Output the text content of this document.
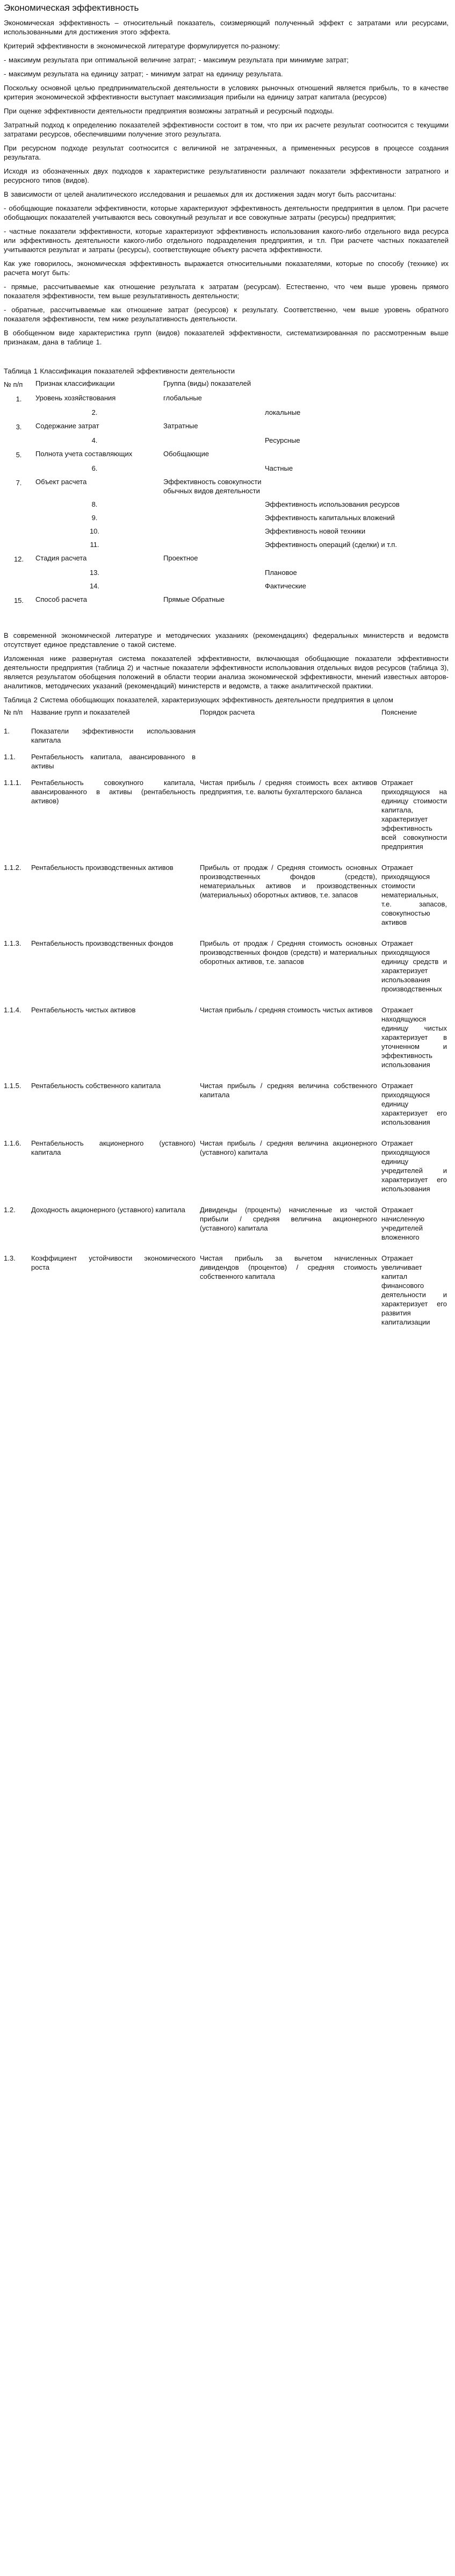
Экономическая эффективность

Экономическая эффективность – относительный показатель, соизмеряющий полученный эффект с затратами или ресурсами, использованными для достижения этого эффекта.

Критерий эффективности в экономической литературе формулируется по-разному:

- максимум результата при оптимальной величине затрат; - максимум результата при минимуме затрат;

- максимум результата на единицу затрат; - минимум затрат на единицу результата.

Поскольку основной целью предпринимательской деятельности в условиях рыночных отношений является прибыль, то в качестве критерия экономической эффективности выступает максимизация прибыли на единицу затрат капитала (ресурсов)

При оценке эффективности деятельности предприятия возможны затратный и ресурсный подходы.

Затратный подход к определению показателей эффективности состоит в том, что при их расчете результат соотносится с текущими затратами ресурсов, обеспечившими получение этого результата.

При ресурсном подходе результат соотносится с величиной не затраченных, а примененных ресурсов в процессе создания результата.

Исходя из обозначенных двух подходов к характеристике результативности различают показатели эффективности затратного и ресурсного типов (видов).

В зависимости от целей аналитического исследования и решаемых для их достижения задач могут быть рассчитаны:

- обобщающие показатели эффективности, которые характеризуют эффективность деятельности предприятия в целом. При расчете обобщающих показателей учитываются весь совокупный результат и все совокупные затраты (ресурсы) предприятия;

- частные показатели эффективности, которые характеризуют эффективность использования какого-либо отдельного вида ресурса или эффективность деятельности какого-либо отдельного подразделения предприятия, и т.п. При расчете частных показателей учитываются результат и затраты (ресурсы), соответствующие объекту расчета эффективности.

Как уже говорилось, экономическая эффективность выражается относительными показателями, которые по способу (технике) их расчета могут быть:

- прямые, рассчитываемые как отношение результата к затратам (ресурсам). Естественно, что чем выше уровень прямого показателя эффективности, тем выше результативность деятельности;

- обратные, рассчитываемые как отношение затрат (ресурсов) к результату. Соответственно, чем выше уровень обратного показателя эффективности, тем ниже результативность деятельности.

В обобщенном виде характеристика групп (видов) показателей эффективности, систематизированная по рассмотренным выше признакам, дана в таблице 1.

Таблица 1 Классификация показателей эффективности деятельности

№ п/п	Признак классификации	Группа (виды) показателей	
1.	Уровень хозяйствования	глобальные	
	2.		локальные
3.	Содержание затрат	Затратные	
	4.		Ресурсные
5.	Полнота учета составляющих	Обобщающие	
	6.		Частные
7.	Объект расчета	Эффективность совокупности обычных видов деятельности	
	8.		Эффективность использования ресурсов
	9.		Эффективность капитальных вложений
	10.		Эффективность новой техники
	11.		Эффективность операций (сделки) и т.п.
12.	Стадия расчета	Проектное	
	13.		Плановое
	14.		Фактические
15.	Способ расчета	Прямые Обратные	

В современной экономической литературе и методических указаниях (рекомендациях) федеральных министерств и ведомств отсутствует единое представление о такой системе.

Изложенная ниже развернутая система показателей эффективности, включающая обобщающие показатели эффективности деятельности предприятия (таблица 2) и частные показатели эффективности использования отдельных видов ресурсов (таблица 3), является результатом обобщения положений в области теории анализа экономической эффективности, мнений известных авторов-аналитиков, методических указаний (рекомендаций) министерств и ведомств, а также аналитической практики.

Таблица 2 Система обобщающих показателей, характеризующих эффективность деятельности предприятия в целом

№ п/п	Название групп и показателей	Порядок расчета	Пояснение
1.	Показатели эффективности использования капитала		
1.1.	Рентабельность капитала, авансированного в активы		
1.1.1.	Рентабельность совокупного капитала, авансированного в активы (рентабельность активов)	Чистая прибыль / средняя стоимость всех активов предприятия, т.е. валюты бухгалтерского баланса	Отражает приходящуюся на единицу стоимости капитала, характеризует эффективность всей совокупности предприятия
1.1.2.	Рентабельность производственных активов	Прибыль от продаж / Средняя стоимость основных производственных фондов (средств), нематериальных активов и производственных (материальных) оборотных активов, т.е. запасов	Отражает приходящуюся стоимости нематериальных, т.е. запасов, совокупностью активов
1.1.3.	Рентабельность производственных фондов	Прибыль от продаж / Средняя стоимость основных производственных фондов (средств) и материальных оборотных активов, т.е. запасов	Отражает приходящуюся единицу средств и характеризует использования производственных
1.1.4.	Рентабельность чистых активов	Чистая прибыль / средняя стоимость чистых активов	Отражает находящуюся единицу чистых характеризует в уточненном и эффективность использования
1.1.5.	Рентабельность собственного капитала	Чистая прибыль / средняя величина собственного капитала	Отражает приходящуюся единицу характеризует его использования
1.1.6.	Рентабельность акционерного (уставного) капитала	Чистая прибыль / средняя величина акционерного (уставного) капитала	Отражает приходящуюся единицу учредителей и характеризует его использования
1.2.	Доходность акционерного (уставного) капитала	Дивиденды (проценты) начисленные из чистой прибыли / средняя величина акционерного (уставного) капитала	Отражает начисленную учредителей вложенного
1.3.	Коэффициент устойчивости экономического роста	Чистая прибыль за вычетом начисленных дивидендов (процентов) / средняя стоимость собственного капитала	Отражает увеличивает капитал финансового деятельности и характеризует его развития капитализации
